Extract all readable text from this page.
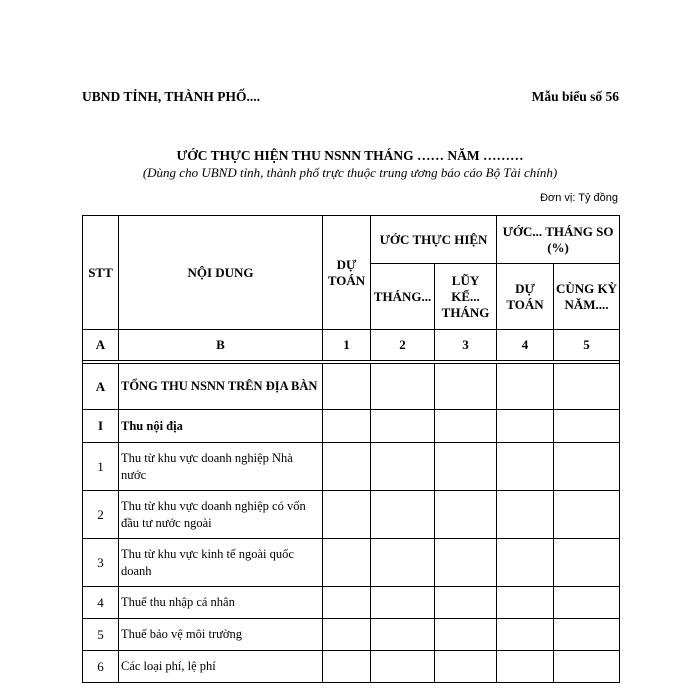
UBND TỈNH, THÀNH PHỐ....	Mẫu biểu số 56
ƯỚC THỰC HIỆN THU NSNN THÁNG …… NĂM ………
(Dùng cho UBND tỉnh, thành phố trực thuộc trung ương báo cáo Bộ Tài chính)
Đơn vị: Tỷ đồng
STT	NỘI DUNG	DỰ TOÁN	ƯỚC THỰC HIỆN		ƯỚC... THÁNG SO (%)	
			THÁNG...	LŨY KẾ... THÁNG	DỰ TOÁN	CÙNG KỲ NĂM....
A	B	1	2	3	4	5

A	TỔNG THU NSNN TRÊN ĐỊA BÀN					
I	Thu nội địa					
1	Thu từ khu vực doanh nghiệp Nhà nước					
2	Thu từ khu vực doanh nghiệp có vốn đầu tư nước ngoài					
3	Thu từ khu vực kinh tế ngoài quốc doanh					
4	Thuế thu nhập cá nhân					
5	Thuế bảo vệ môi trường					
6	Các loại phí, lệ phí					
